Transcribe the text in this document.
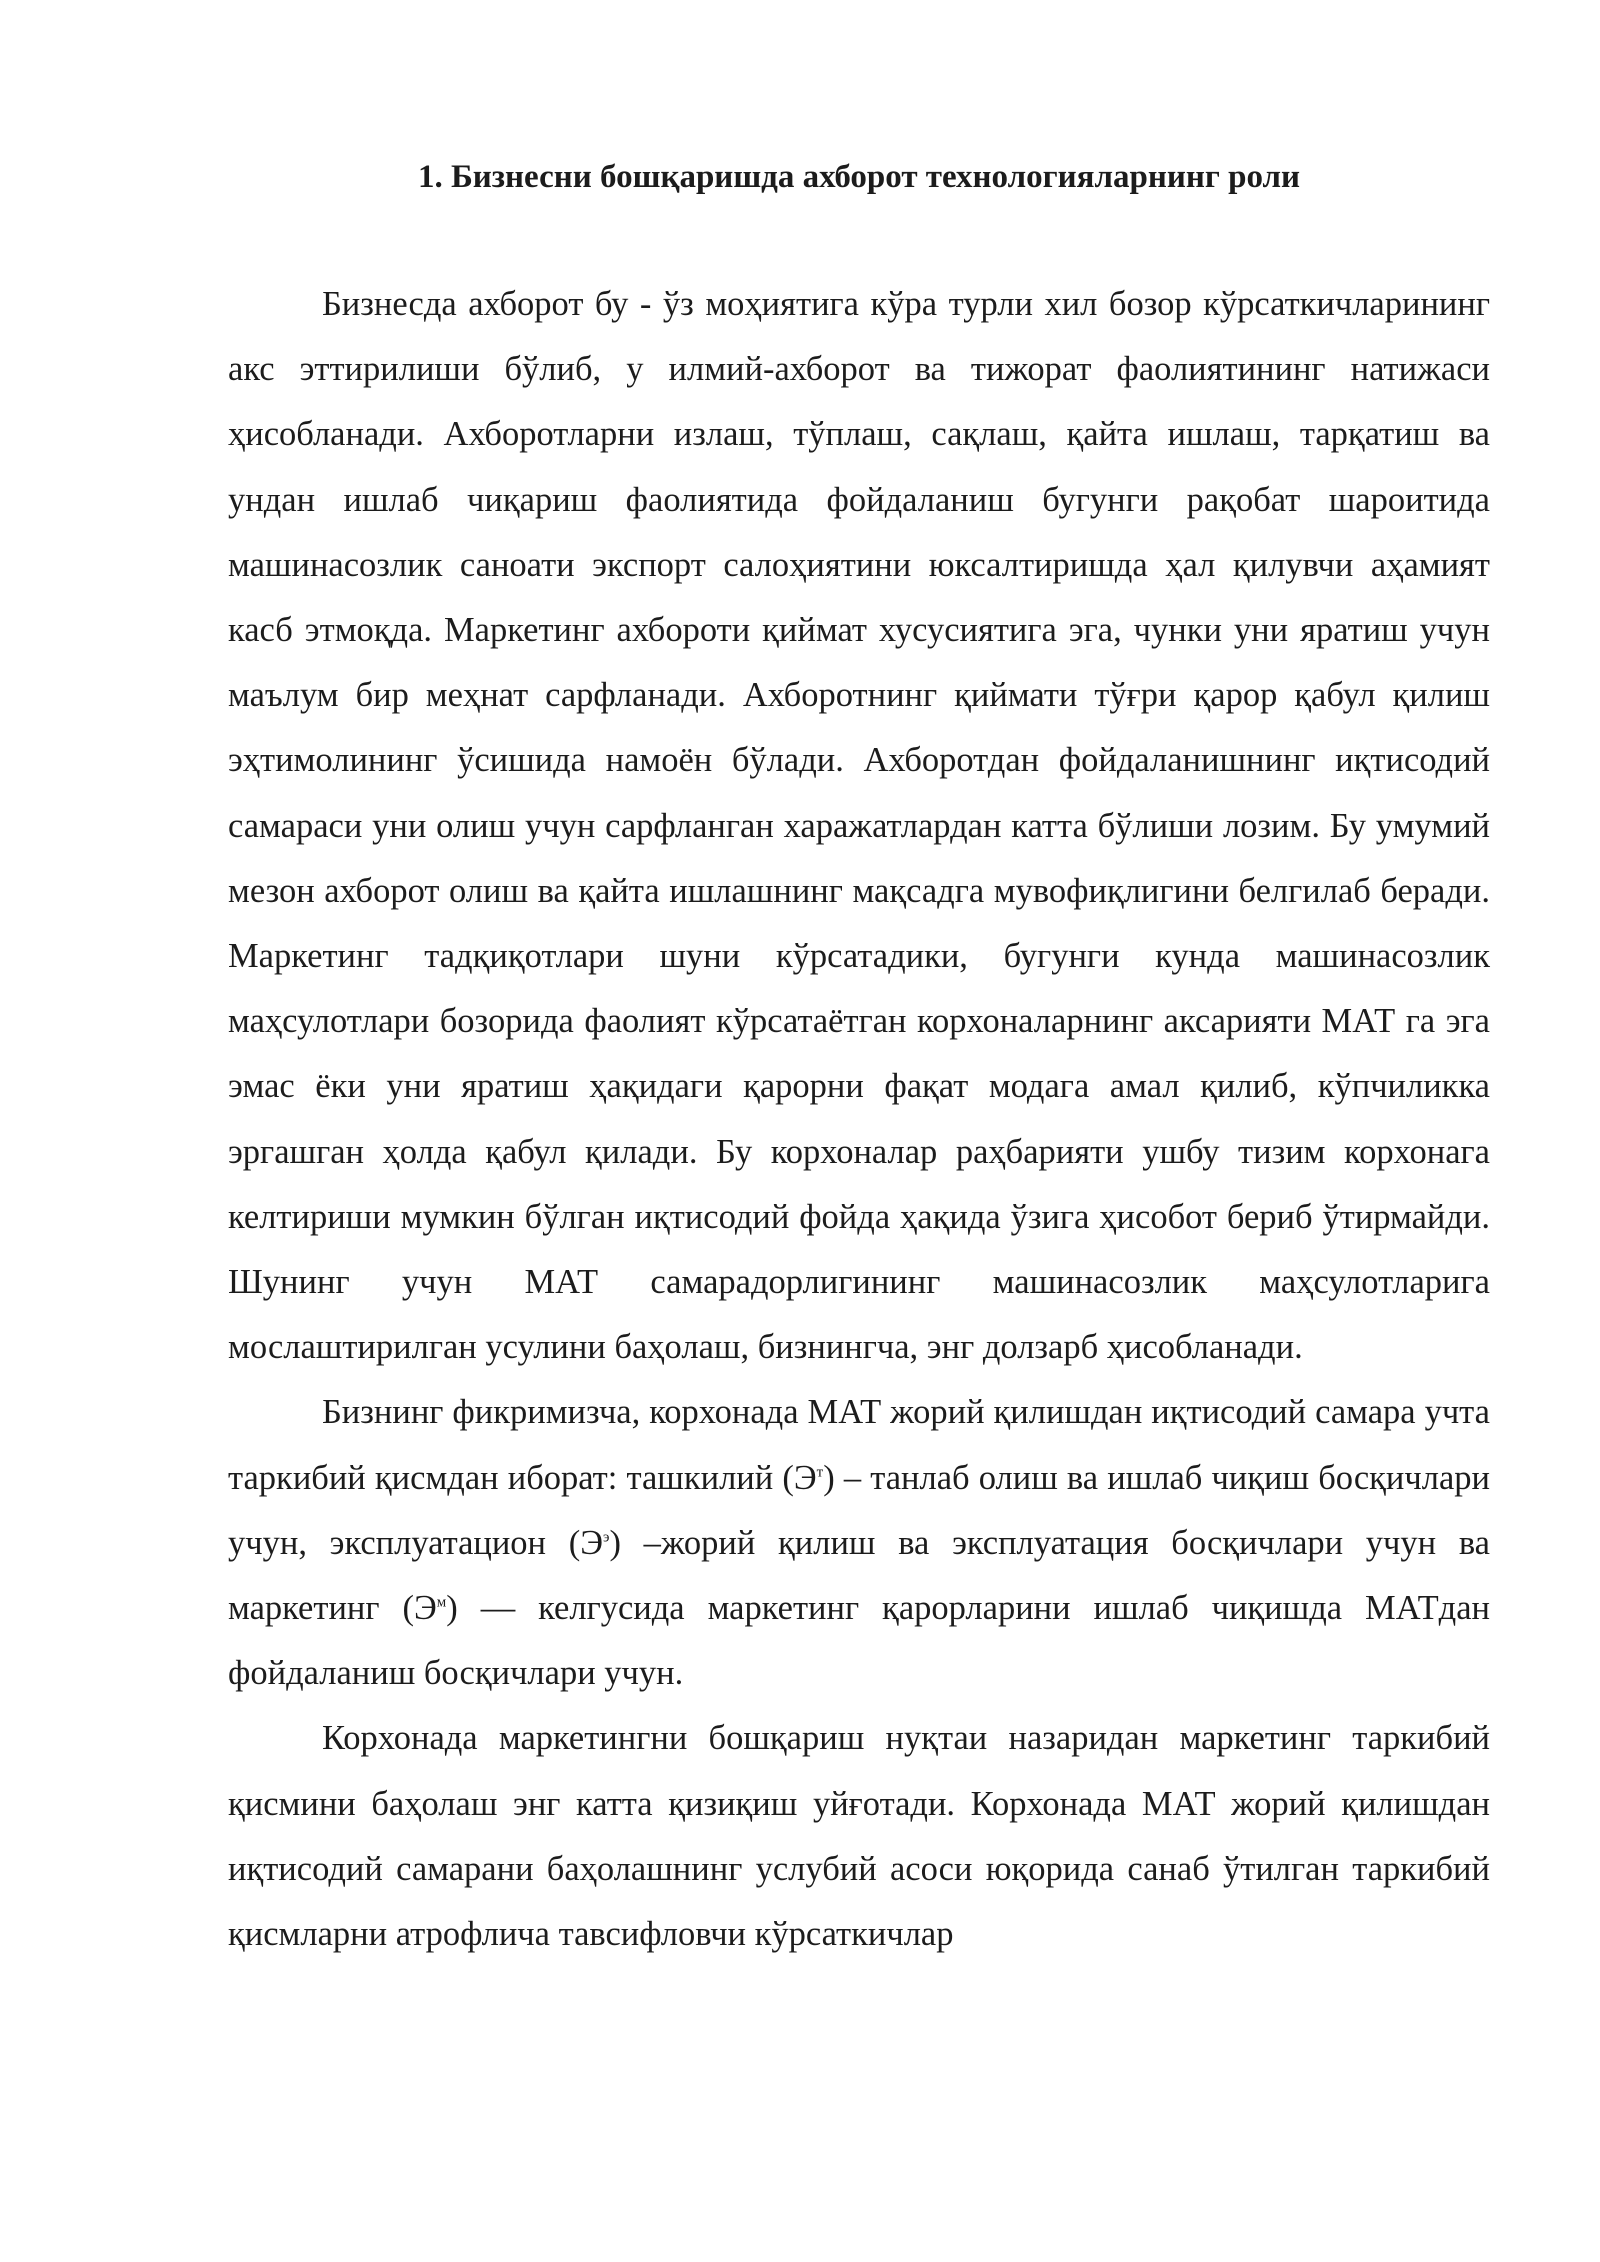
1. Бизнесни бошқаришда ахборот технологияларнинг роли

Бизнесда ахборот бу - ўз моҳиятига кўра турли хил бозор кўрсаткичларининг акс эттирилиши бўлиб, у илмий-ахборот ва тижорат фаолиятининг натижаси ҳисобланади. Ахборотларни излаш, тўплаш, сақлаш, қайта ишлаш, тарқатиш ва ундан ишлаб чиқариш фаолиятида фойдаланиш бугунги рақобат шароитида машинасозлик саноати экспорт салоҳиятини юксалтиришда ҳал қилувчи аҳамият касб этмоқда. Маркетинг ахбороти қиймат хусусиятига эга, чунки уни яратиш учун маълум бир меҳнат сарфланади. Ахборотнинг қиймати тўғри қарор қабул қилиш эҳтимолининг ўсишида намоён бўлади. Ахборотдан фойдаланишнинг иқтисодий самараси уни олиш учун сарфланган харажатлардан катта бўлиши лозим. Бу умумий мезон ахборот олиш ва қайта ишлашнинг мақсадга мувофиқлигини белгилаб беради. Маркетинг тадқиқотлари шуни кўрсатадики, бугунги кунда машинасозлик маҳсулотлари бозорида фаолият кўрсатаётган корхоналарнинг аксарияти МАТ га эга эмас ёки уни яратиш ҳақидаги қарорни фақат модага амал қилиб, кўпчиликка эргашган ҳолда қабул қилади. Бу корхоналар раҳбарияти ушбу тизим корхонага келтириши мумкин бўлган иқтисодий фойда ҳақида ўзига ҳисобот бериб ўтирмайди. Шунинг учун МАТ самарадорлигининг машинасозлик маҳсулотларига мослаштирилган усулини баҳолаш, бизнингча, энг долзарб ҳисобланади.

Бизнинг фикримизча, корхонада МАТ жорий қилишдан иқтисодий самара учта таркибий қисмдан иборат: ташкилий $(Э^т)$ – танлаб олиш ва ишлаб чиқиш босқичлари учун, эксплуатацион $(Э^э)$ –жорий қилиш ва эксплуатация босқичлари учун ва маркетинг $(Э^м)$ — келгусида маркетинг қарорларини ишлаб чиқишда МАТдан фойдаланиш босқичлари учун.

Корхонада маркетингни бошқариш нуқтаи назаридан маркетинг таркибий қисмини баҳолаш энг катта қизиқиш уйғотади. Корхонада МАТ жорий қилишдан иқтисодий самарани баҳолашнинг услубий асоси юқорида санаб ўтилган таркибий қисмларни атрофлича тавсифловчи кўрсаткичлар
